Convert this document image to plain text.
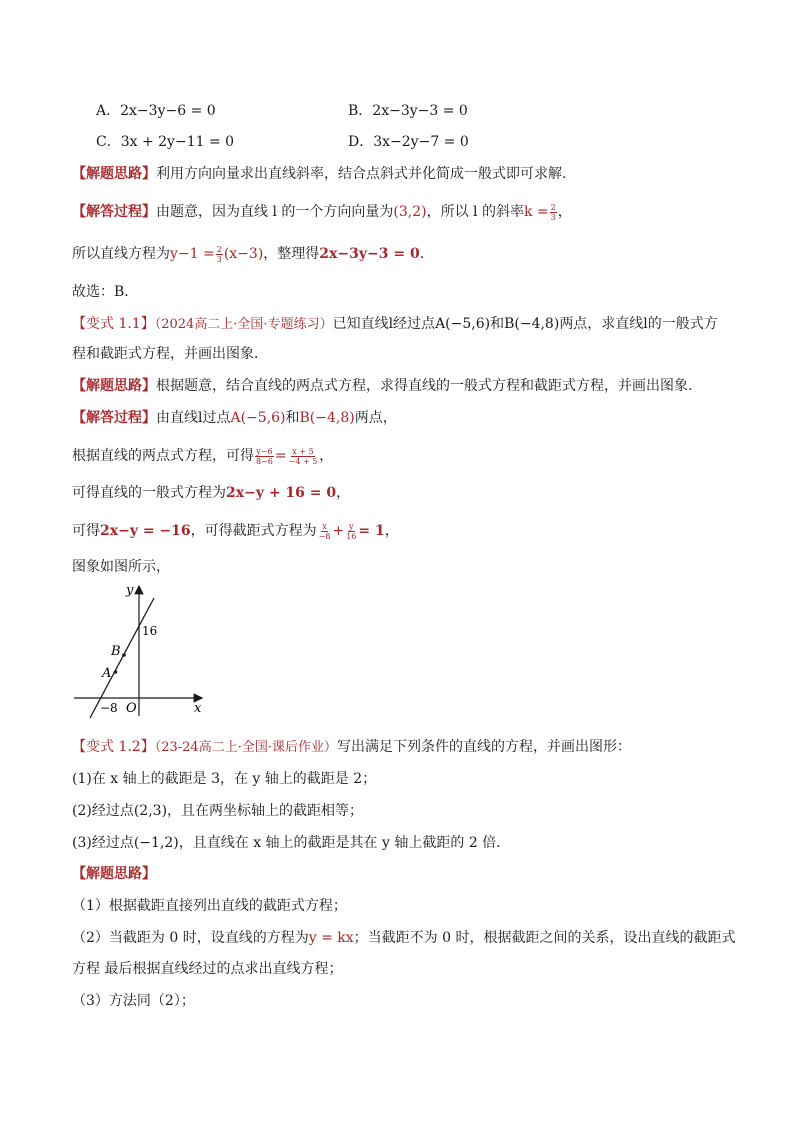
A．2x−3y−6 = 0	B．2x−3y−3 = 0
C．3x + 2y−11 = 0	D．3x−2y−7 = 0
【解题思路】利用方向向量求出直线斜率，结合点斜式并化简成一般式即可求解.
【解答过程】由题意，因为直线 l 的一个方向向量为(3,2)，所以 l 的斜率$k = \frac{2}{3}$ ，
所以直线方程为$y-1 = \frac{2}{3} (x-3)$，整理得2x−3y−3 = 0.
故选：B.
【变式 1.1】（2024高二上·全国·专题练习）已知直线l经过点A(−5,6)和B(−4,8)两点，求直线l的一般式方
程和截距式方程，并画出图象．
【解题思路】根据题意，结合直线的两点式方程，求得直线的一般式方程和截距式方程，并画出图象.
【解答过程】由直线l过点A(−5,6)和B(−4,8)两点，
根据直线的两点式方程，可得 $\frac{y-6}{8-6} = \frac{x + 5}{-4 + 5}$ ，
可得直线的一般式方程为2x−y + 16 = 0，
可得2x−y = −16，可得截距式方程为 $\frac{x}{-8} + \frac{y}{16} = 1$，
图象如图所示，
y
x
O
−8
16
A
B
【变式 1.2】（23-24高二上·全国·课后作业）写出满足下列条件的直线的方程，并画出图形：
(1)在 x 轴上的截距是 3，在 y 轴上的截距是 2；
(2)经过点(2,3)，且在两坐标轴上的截距相等；
(3)经过点(−1,2)，且直线在 x 轴上的截距是其在 y 轴上截距的 2 倍．
【解题思路】
（1）根据截距直接列出直线的截距式方程；
（2）当截距为 0 时，设直线的方程为y = kx；当截距不为 0 时，根据截距之间的关系，设出直线的截距式
方程 最后根据直线经过的点求出直线方程；
（3）方法同（2）；
